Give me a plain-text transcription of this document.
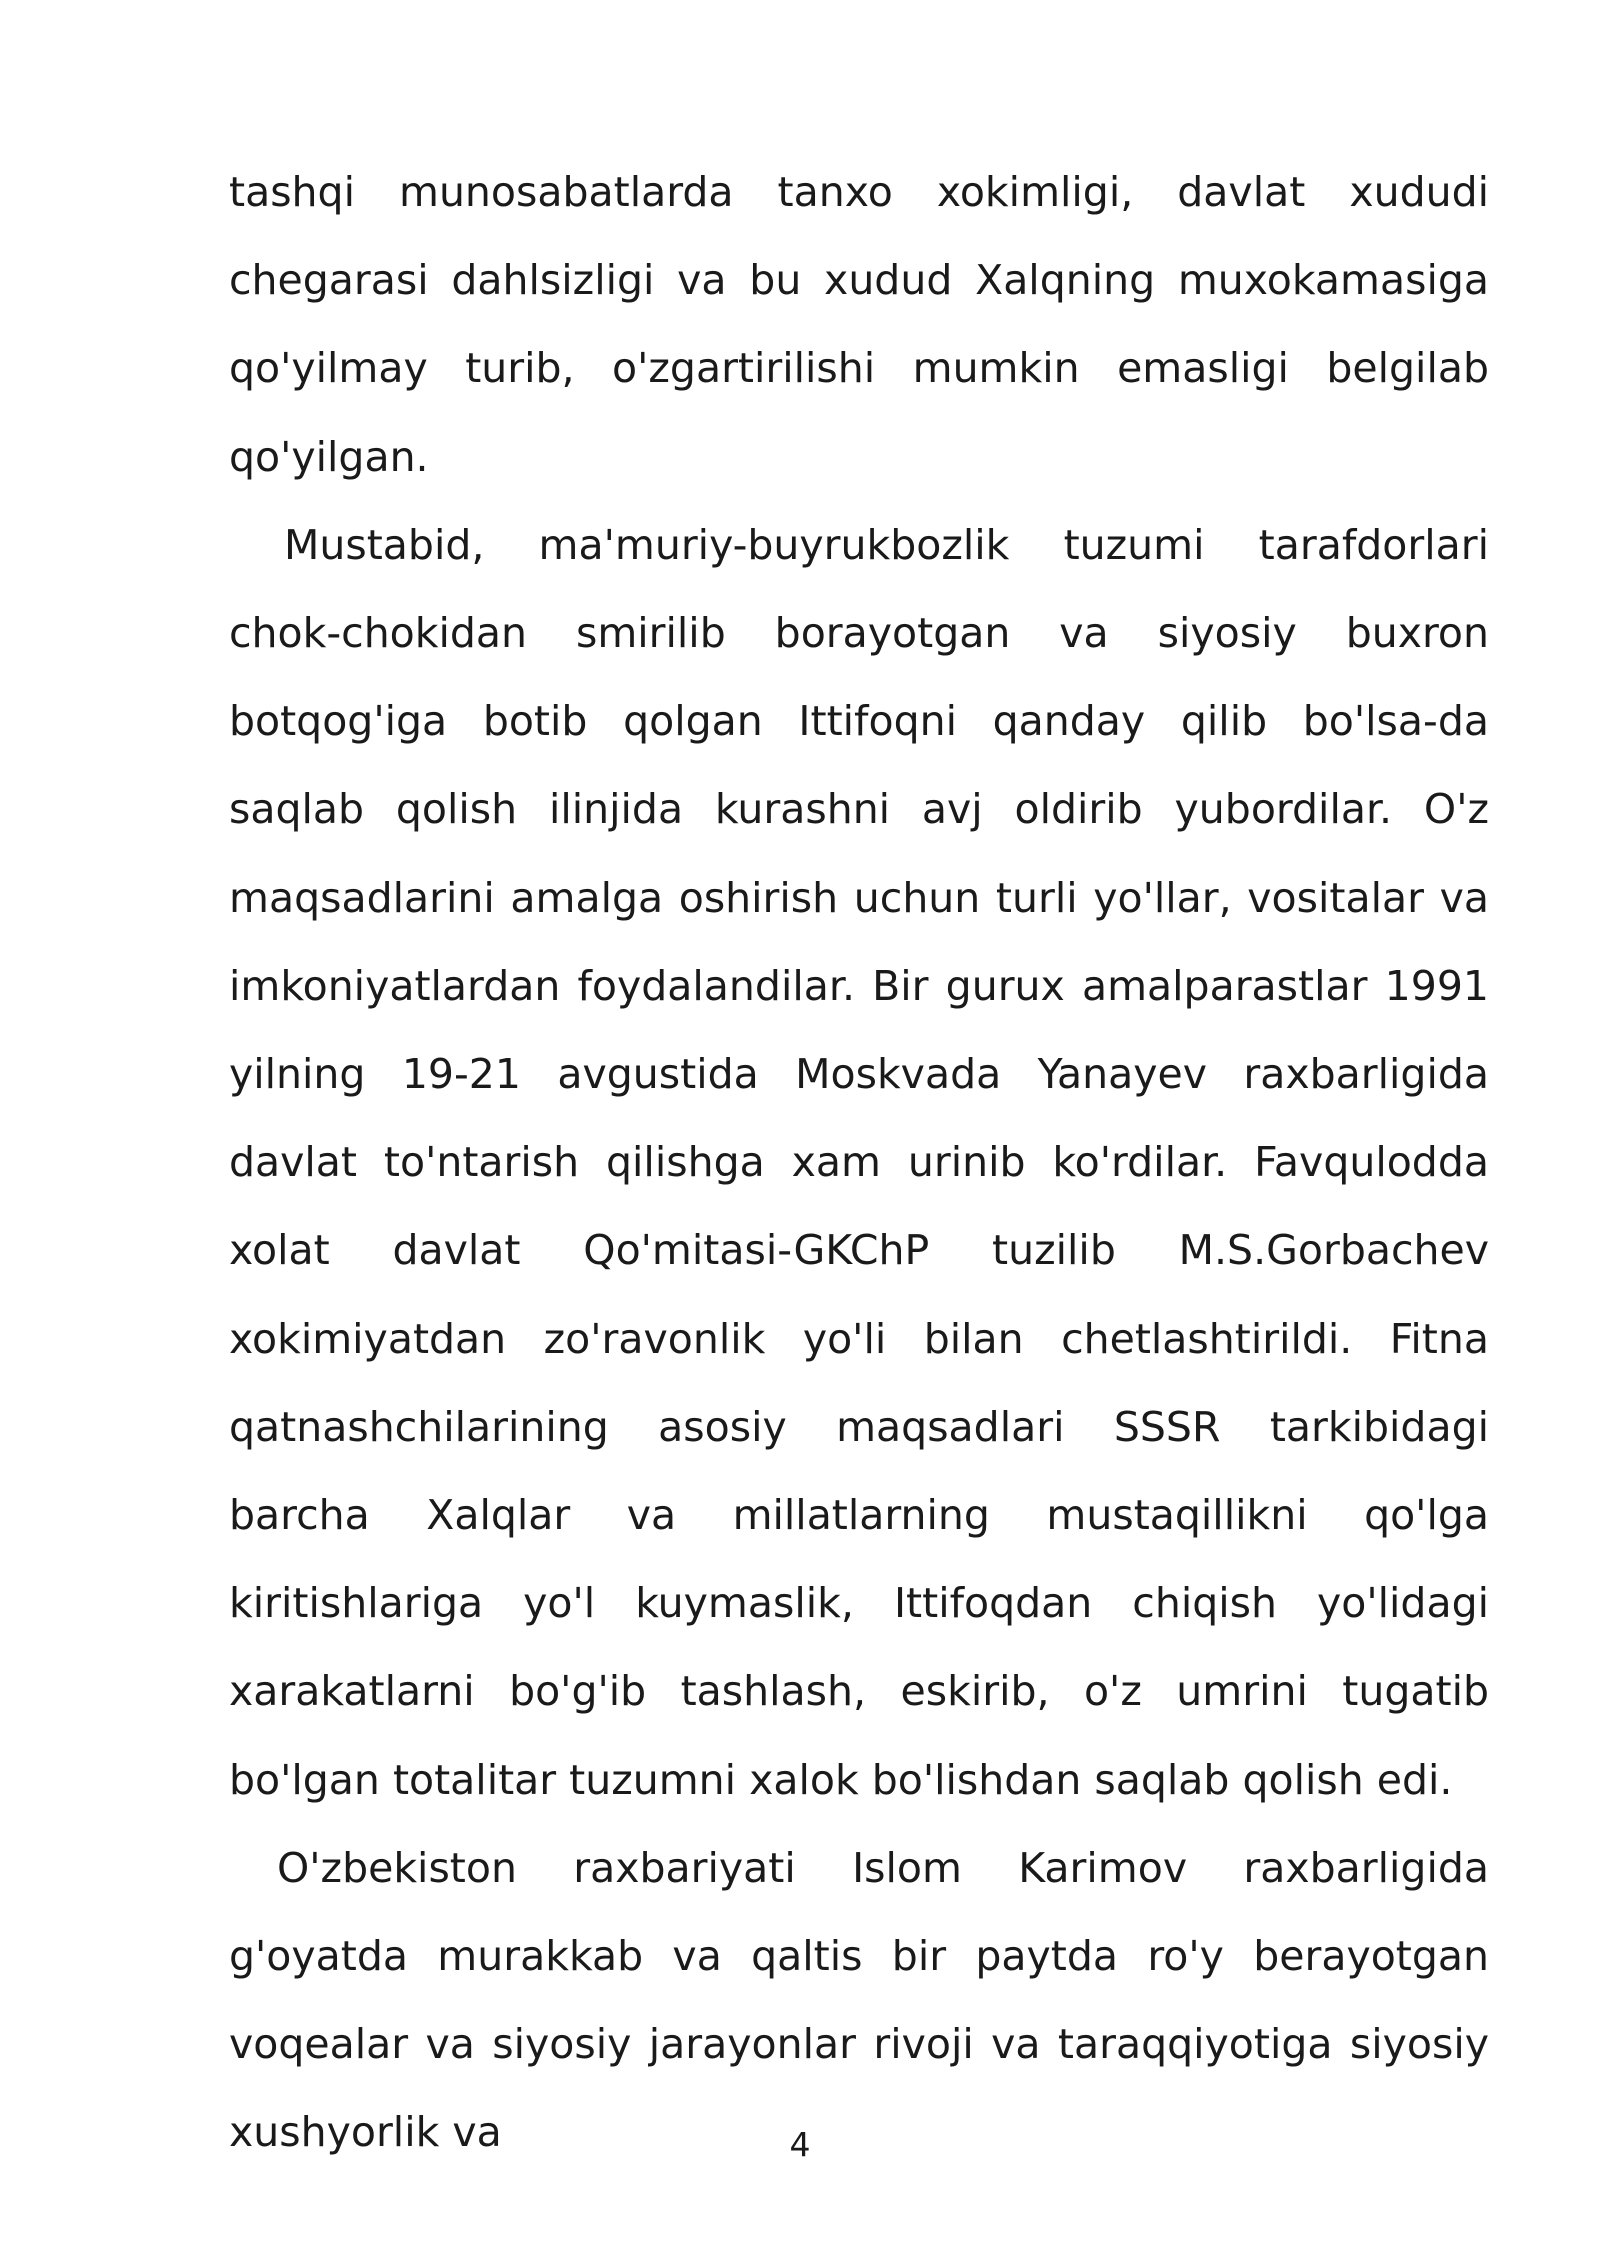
tashqi munosabatlarda tanxo xokimligi, davlat xududi chegarasi dahlsizligi va bu xudud Xalqning muxokamasiga qo'yilmay turib, o'zgartirilishi mumkin emasligi belgilab qo'yilgan.

Mustabid, ma'muriy-buyrukbozlik tuzumi tarafdorlari chok-chokidan smirilib borayotgan va siyosiy buxron botqog'iga botib qolgan Ittifoqni qanday qilib bo'lsa-da saqlab qolish ilinjida kurashni avj oldirib yubordilar. O'z maqsadlarini amalga oshirish uchun turli yo'llar, vositalar va imkoniyatlardan foydalandilar. Bir gurux amalparastlar 1991 yilning 19-21 avgustida Moskvada Yanayev raxbarligida davlat to'ntarish qilishga xam urinib ko'rdilar. Favqulodda xolat davlat Qo'mitasi-GKChP tuzilib M.S.Gorbachev xokimiyatdan zo'ravonlik yo'li bilan chetlashtirildi. Fitna qatnashchilarining asosiy maqsadlari SSSR tarkibidagi barcha Xalqlar va millatlarning mustaqillikni qo'lga kiritishlariga yo'l kuymaslik, Ittifoqdan chiqish yo'lidagi xarakatlarni bo'g'ib tashlash, eskirib, o'z umrini tugatib bo'lgan totalitar tuzumni xalok bo'lishdan saqlab qolish edi.

O'zbekiston raxbariyati Islom Karimov raxbarligida g'oyatda murakkab va qaltis bir paytda ro'y berayotgan voqealar va siyosiy jarayonlar rivoji va taraqqiyotiga siyosiy xushyorlik va	4
